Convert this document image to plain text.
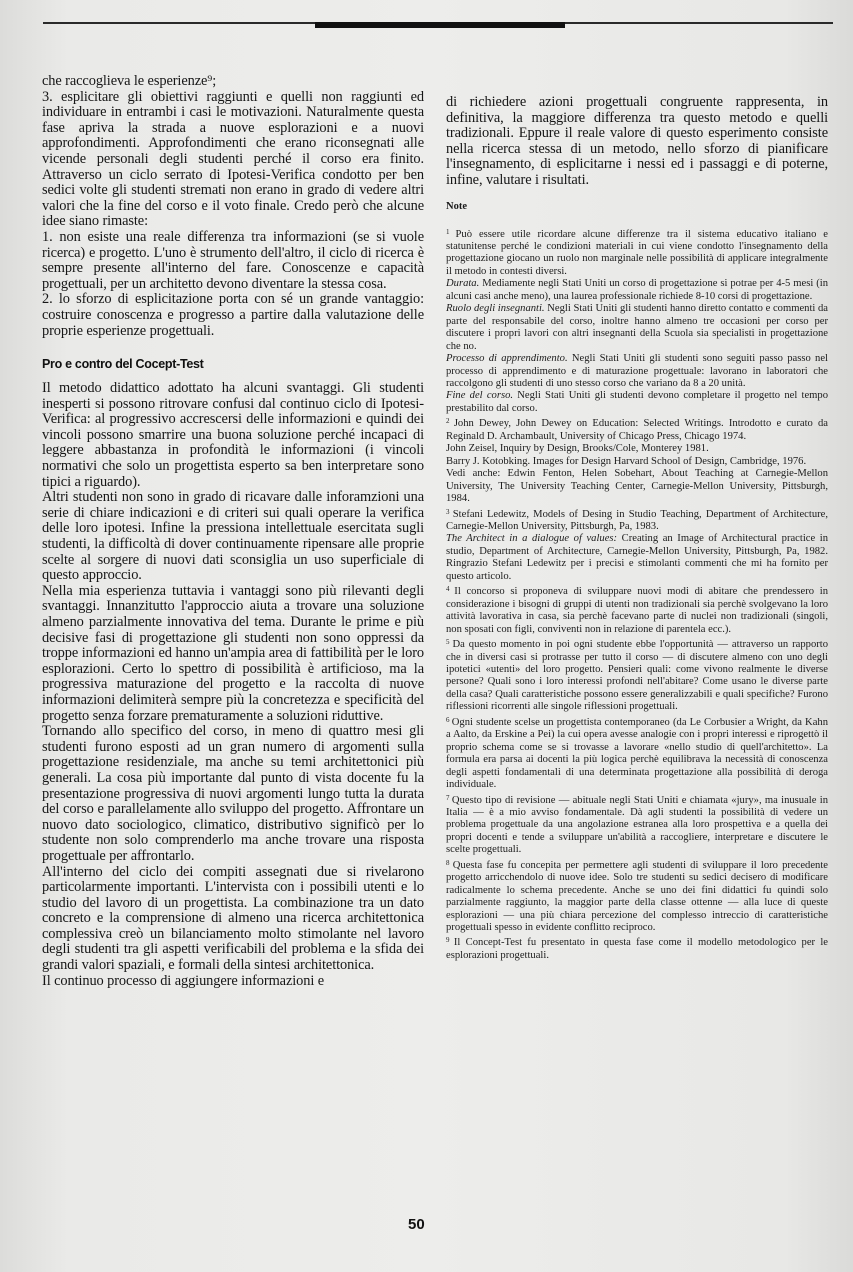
che raccoglieva le esperienze⁹;

3. esplicitare gli obiettivi raggiunti e quelli non raggiunti ed individuare in entrambi i casi le motivazioni. Naturalmente questa fase apriva la strada a nuove esplorazioni e a nuovi approfondimenti. Approfondimenti che erano riconsegnati alle vicende personali degli studenti perché il corso era finito. Attraverso un ciclo serrato di Ipotesi-Verifica condotto per ben sedici volte gli studenti stremati non erano in grado di vedere altri valori che la fine del corso e il voto finale. Credo però che alcune idee siano rimaste:

1. non esiste una reale differenza tra informazioni (se si vuole ricerca) e progetto. L'uno è strumento dell'altro, il ciclo di ricerca è sempre presente all'interno del fare. Conoscenze e capacità progettuali, per un architetto devono diventare la stessa cosa.

2. lo sforzo di esplicitazione porta con sé un grande vantaggio: costruire conoscenza e progresso a partire dalla valutazione delle proprie esperienze progettuali.

Pro e contro del Cocept-Test

Il metodo didattico adottato ha alcuni svantaggi. Gli studenti inesperti si possono ritrovare confusi dal continuo ciclo di Ipotesi-Verifica: al progressivo accrescersi delle informazioni e quindi dei vincoli possono smarrire una buona soluzione perché incapaci di leggere abbastanza in profondità le informazioni (i vincoli normativi che solo un progettista esperto sa ben interpretare sono tipici a riguardo).

Altri studenti non sono in grado di ricavare dalle inforamzioni una serie di chiare indicazioni e di criteri sui quali operare la verifica delle loro ipotesi. Infine la pressiona intellettuale esercitata sugli studenti, la difficoltà di dover continuamente ripensare alle proprie scelte al sorgere di nuovi dati sconsiglia un uso superficiale di questo approccio.

Nella mia esperienza tuttavia i vantaggi sono più rilevanti degli svantaggi. Innanzitutto l'approccio aiuta a trovare una soluzione almeno parzialmente innovativa del tema. Durante le prime e più decisive fasi di progettazione gli studenti non sono oppressi da troppe informazioni ed hanno un'ampia area di fattibilità per le loro esplorazioni. Certo lo spettro di possibilità è artificioso, ma la progressiva maturazione del progetto e la raccolta di nuove informazioni delimiterà sempre più la concretezza e specificità del progetto senza forzare prematuramente a soluzioni riduttive.

Tornando allo specifico del corso, in meno di quattro mesi gli studenti furono esposti ad un gran numero di argomenti sulla progettazione residenziale, ma anche su temi architettonici più generali. La cosa più importante dal punto di vista docente fu la presentazione progressiva di nuovi argomenti lungo tutta la durata del corso e parallelamente allo sviluppo del progetto. Affrontare un nuovo dato sociologico, climatico, distributivo significò per lo studente non solo comprenderlo ma anche trovare una risposta progettuale per affrontarlo.

All'interno del ciclo dei compiti assegnati due si rivelarono particolarmente importanti. L'intervista con i possibili utenti e lo studio del lavoro di un progettista. La combinazione tra un dato concreto e la comprensione di almeno una ricerca architettonica complessiva creò un bilanciamento molto stimolante nel lavoro degli studenti tra gli aspetti verificabili del problema e la sfida dei grandi valori spaziali, e formali della sintesi architettonica.

Il continuo processo di aggiungere informazioni e

di richiedere azioni progettuali congruente rappresenta, in definitiva, la maggiore differenza tra questo metodo e quelli tradizionali. Eppure il reale valore di questo esperimento consiste nella ricerca stessa di un metodo, nello sforzo di pianificare l'insegnamento, di esplicitarne i nessi ed i passaggi e di poterne, infine, valutare i risultati.

Note

$^1$ Può essere utile ricordare alcune differenze tra il sistema educativo italiano e statunitense perché le condizioni materiali in cui viene condotto l'insegnamento della progettazione giocano un ruolo non marginale nelle possibilità di applicare integralmente il metodo in contesti diversi.

Durata. Mediamente negli Stati Uniti un corso di progettazione si potrae per 4-5 mesi (in alcuni casi anche meno), una laurea professionale richiede 8-10 corsi di progettazione.

Ruolo degli insegnanti. Negli Stati Uniti gli studenti hanno diretto contatto e commenti da parte del responsabile del corso, inoltre hanno almeno tre occasioni per corso per discutere i propri lavori con altri insegnanti della Scuola sia specialisti in progettazione che no.

Processo di apprendimento. Negli Stati Uniti gli studenti sono seguiti passo passo nel processo di apprendimento e di maturazione progettuale: lavorano in laboratori che raccolgono gli studenti di uno stesso corso che variano da 8 a 20 unità.

Fine del corso. Negli Stati Uniti gli studenti devono completare il progetto nel tempo prestabilito dal corso.

$^2$ John Dewey, John Dewey on Education: Selected Writings. Introdotto e curato da Reginald D. Archambault, University of Chicago Press, Chicago 1974.

John Zeisel, Inquiry by Design, Brooks/Cole, Monterey 1981.

Barry J. Kotobking. Images for Design Harvard School of Design, Cambridge, 1976.

Vedi anche: Edwin Fenton, Helen Sobehart, About Teaching at Carnegie-Mellon University, The University Teaching Center, Carnegie-Mellon University, Pittsburgh, 1984.

$^3$ Stefani Ledewitz, Models of Desing in Studio Teaching, Department of Architecture, Carnegie-Mellon University, Pittsburgh, Pa, 1983.

The Architect in a dialogue of values: Creating an Image of Architectural practice in studio, Department of Architecture, Carnegie-Mellon University, Pittsburgh, Pa, 1982. Ringrazio Stefani Ledewitz per i precisi e stimolanti commenti che mi ha fornito per questo articolo.

$^4$ Il concorso si proponeva di sviluppare nuovi modi di abitare che prendessero in considerazione i bisogni di gruppi di utenti non tradizionali sia perchè svolgevano la loro attività lavorativa in casa, sia perchè facevano parte di nuclei non tradizionali (singoli, non sposati con figli, conviventi non in relazione di parentela ecc.).

$^5$ Da questo momento in poi ogni studente ebbe l'opportunità — attraverso un rapporto che in diversi casi si protrasse per tutto il corso — di discutere almeno con uno degli ipotetici «utenti» del loro progetto. Pensieri quali: come vivono realmente le diverse persone? Quali sono i loro interessi profondi nell'abitare? Come usano le diverse parte della casa? Quali caratteristiche possono essere generalizzabili e quali specifiche? Furono riflessioni ricorrenti alle singole riflessioni progettuali.

$^6$ Ogni studente scelse un progettista contemporaneo (da Le Corbusier a Wright, da Kahn a Aalto, da Erskine a Pei) la cui opera avesse analogie con i propri interessi e riprogettò il proprio schema come se si trovasse a lavorare «nello studio di quell'architetto». La formula era parsa ai docenti la più logica perchè equilibrava la necessità di conoscenza degli aspetti fondamentali di una determinata progettazione alla possibilità di deroga individuale.

$^7$ Questo tipo di revisione — abituale negli Stati Uniti e chiamata «jury», ma inusuale in Italia — è a mio avviso fondamentale. Dà agli studenti la possibilità di vedere un problema progettuale da una angolazione estranea alla loro prospettiva e a quella dei propri docenti e tende a sviluppare un'abilità a raccogliere, interpretare e discutere le scelte progettuali.

$^8$ Questa fase fu concepita per permettere agli studenti di sviluppare il loro precedente progetto arricchendolo di nuove idee. Solo tre studenti su sedici decisero di modificare radicalmente lo schema precedente. Anche se uno dei fini didattici fu quindi solo parzialmente raggiunto, la maggior parte della classe ottenne — alla luce di queste esplorazioni — una più chiara percezione del complesso intreccio di caratteristiche progettuali spesso in evidente conflitto reciproco.

$^9$ Il Concept-Test fu presentato in questa fase come il modello metodologico per le esplorazioni progettuali.

50
